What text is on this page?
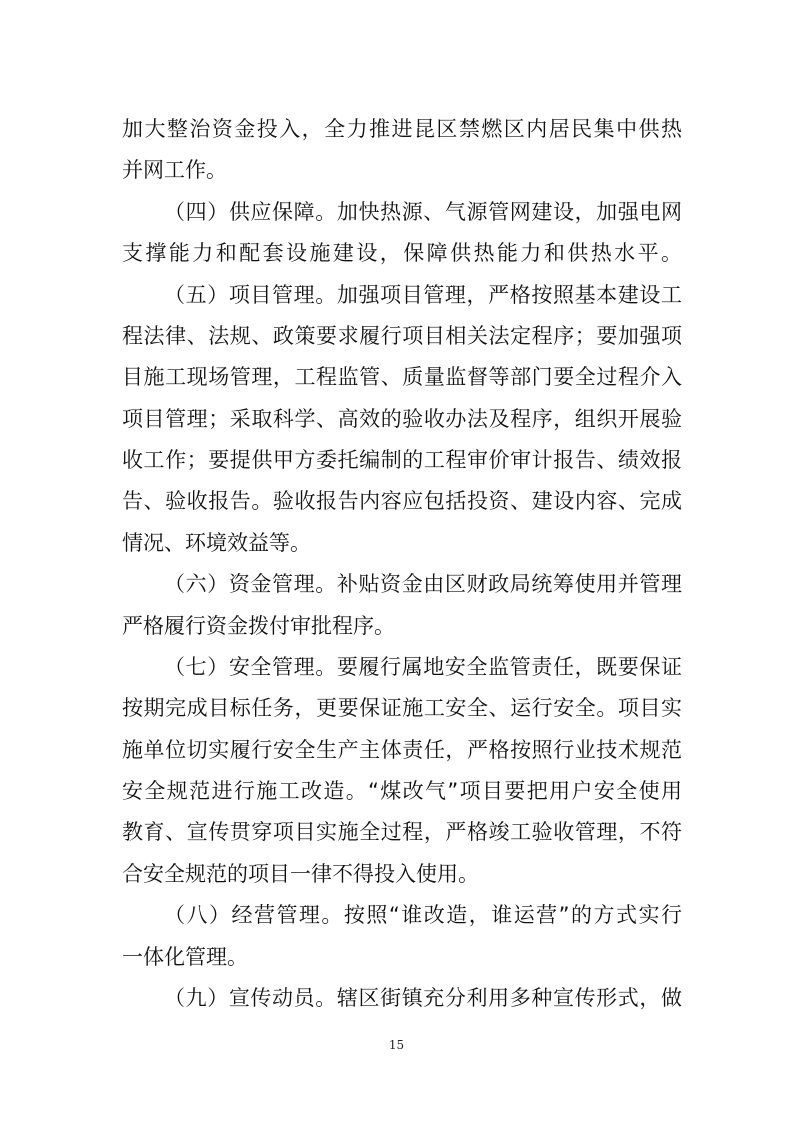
加大整治资金投入，全力推进昆区禁燃区内居民集中供热
并网工作。
（四）供应保障。加快热源、气源管网建设，加强电网
支撑能力和配套设施建设，保障供热能力和供热水平。
（五）项目管理。加强项目管理，严格按照基本建设工
程法律、法规、政策要求履行项目相关法定程序；要加强项
目施工现场管理，工程监管、质量监督等部门要全过程介入
项目管理；采取科学、高效的验收办法及程序，组织开展验
收工作；要提供甲方委托编制的工程审价审计报告、绩效报
告、验收报告。验收报告内容应包括投资、建设内容、完成
情况、环境效益等。
（六）资金管理。补贴资金由区财政局统筹使用并管理
严格履行资金拨付审批程序。
（七）安全管理。要履行属地安全监管责任，既要保证
按期完成目标任务，更要保证施工安全、运行安全。项目实
施单位切实履行安全生产主体责任，严格按照行业技术规范
安全规范进行施工改造。“煤改气”项目要把用户安全使用
教育、宣传贯穿项目实施全过程，严格竣工验收管理，不符
合安全规范的项目一律不得投入使用。
（八）经营管理。按照“谁改造，谁运营”的方式实行
一体化管理。
（九）宣传动员。辖区街镇充分利用多种宣传形式，做
15
